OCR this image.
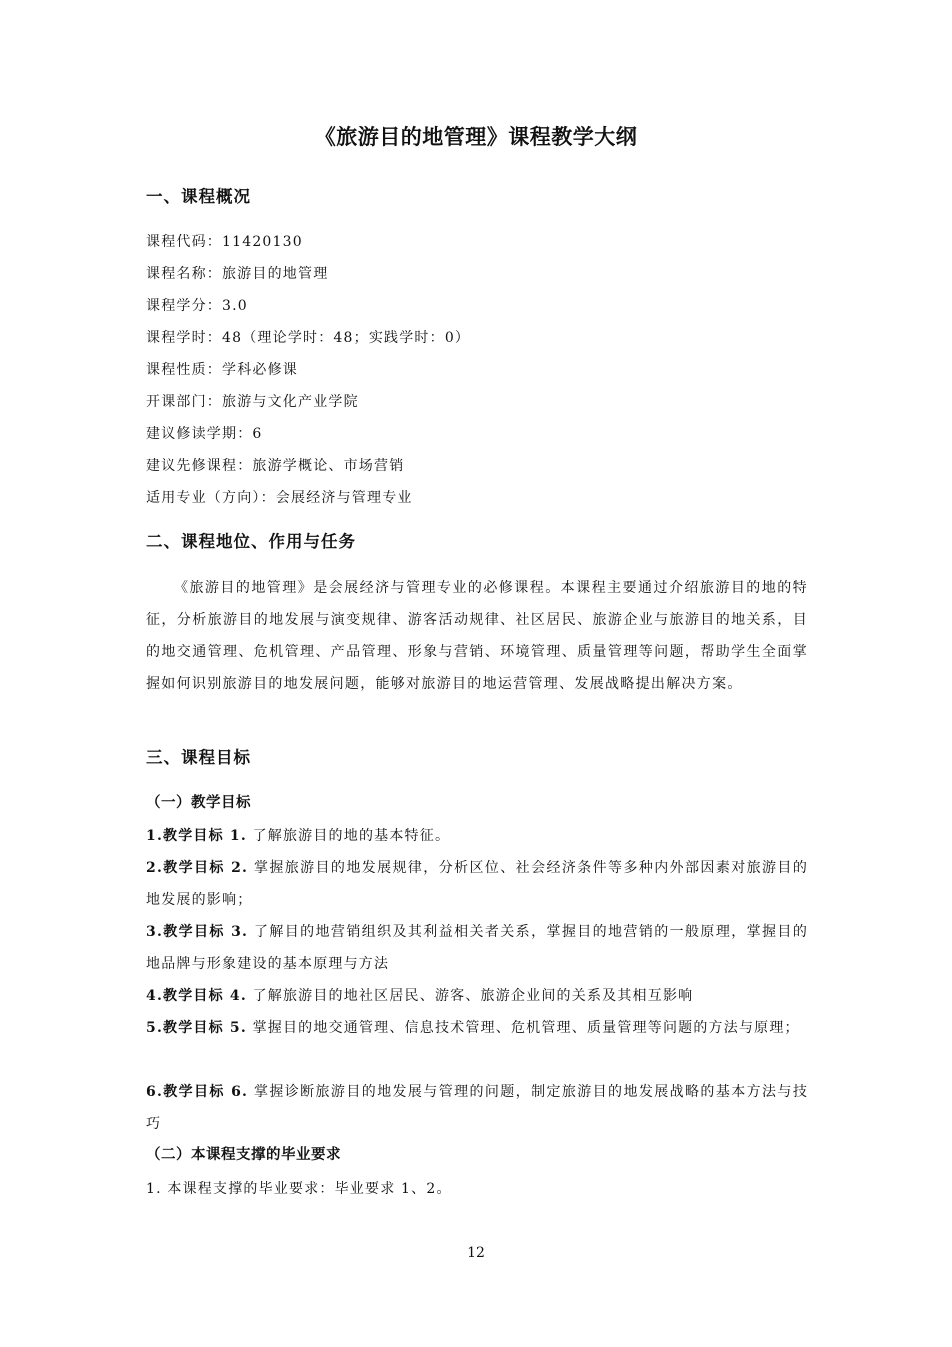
《旅游目的地管理》课程教学大纲
一、课程概况
课程代码：11420130
课程名称：旅游目的地管理
课程学分：3.0
课程学时：48（理论学时：48；实践学时：0）
课程性质：学科必修课
开课部门：旅游与文化产业学院
建议修读学期：6
建议先修课程：旅游学概论、市场营销
适用专业（方向）：会展经济与管理专业
二、课程地位、作用与任务
《旅游目的地管理》是会展经济与管理专业的必修课程。本课程主要通过介绍旅游目的地的特征，分析旅游目的地发展与演变规律、游客活动规律、社区居民、旅游企业与旅游目的地关系，目的地交通管理、危机管理、产品管理、形象与营销、环境管理、质量管理等问题，帮助学生全面掌握如何识别旅游目的地发展问题，能够对旅游目的地运营管理、发展战略提出解决方案。
三、课程目标
（一）教学目标
1.教学目标 1. 了解旅游目的地的基本特征。
2.教学目标 2. 掌握旅游目的地发展规律，分析区位、社会经济条件等多种内外部因素对旅游目的地发展的影响；
3.教学目标 3. 了解目的地营销组织及其利益相关者关系，掌握目的地营销的一般原理，掌握目的地品牌与形象建设的基本原理与方法
4.教学目标 4. 了解旅游目的地社区居民、游客、旅游企业间的关系及其相互影响
5.教学目标 5. 掌握目的地交通管理、信息技术管理、危机管理、质量管理等问题的方法与原理；
6.教学目标 6. 掌握诊断旅游目的地发展与管理的问题，制定旅游目的地发展战略的基本方法与技巧
（二）本课程支撑的毕业要求
1. 本课程支撑的毕业要求：毕业要求 1、2。
12
